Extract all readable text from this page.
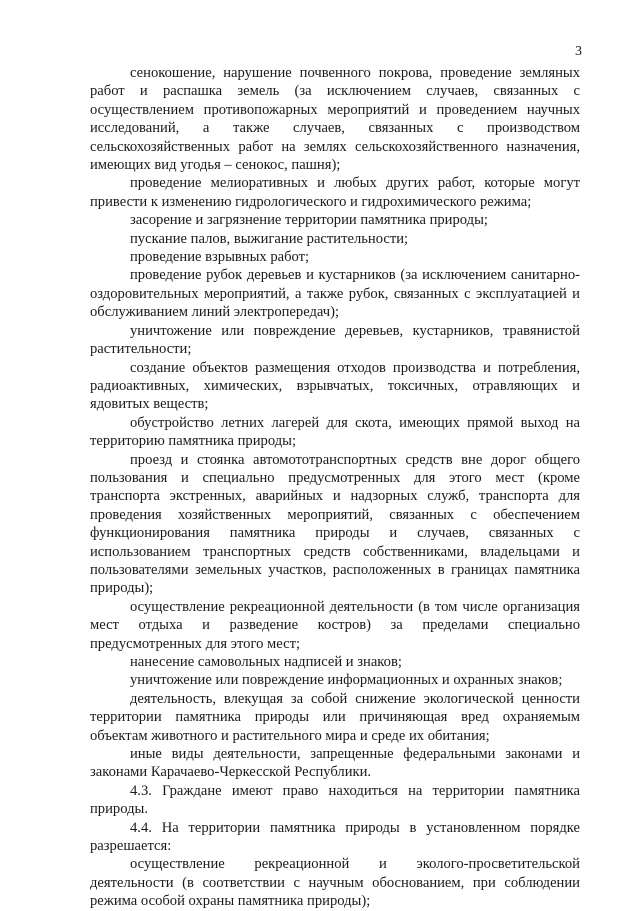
3

сенокошение, нарушение почвенного покрова, проведение земляных работ и распашка земель (за исключением случаев, связанных с осуществлением противопожарных мероприятий и проведением научных исследований, а также случаев, связанных с производством сельскохозяйственных работ на землях сельскохозяйственного назначения, имеющих вид угодья – сенокос, пашня);

проведение мелиоративных и любых других работ, которые могут привести к изменению гидрологического и гидрохимического режима;

засорение и загрязнение территории памятника природы;

пускание палов, выжигание растительности;

проведение взрывных работ;

проведение рубок деревьев и кустарников (за исключением санитарно-оздоровительных мероприятий, а также рубок, связанных с эксплуатацией и обслуживанием линий электропередач);

уничтожение или повреждение деревьев, кустарников, травянистой растительности;

создание объектов размещения отходов производства и потребления, радиоактивных, химических, взрывчатых, токсичных, отравляющих и ядовитых веществ;

обустройство летних лагерей для скота, имеющих прямой выход на территорию памятника природы;

проезд и стоянка автомототранспортных средств вне дорог общего пользования и специально предусмотренных для этого мест (кроме транспорта экстренных, аварийных и надзорных служб, транспорта для проведения хозяйственных мероприятий, связанных с обеспечением функционирования памятника природы и случаев, связанных с использованием транспортных средств собственниками, владельцами и пользователями земельных участков, расположенных в границах памятника природы);

осуществление рекреационной деятельности (в том числе организация мест отдыха и разведение костров) за пределами специально предусмотренных для этого мест;

нанесение самовольных надписей и знаков;

уничтожение или повреждение информационных и охранных знаков;

деятельность, влекущая за собой снижение экологической ценности территории памятника природы или причиняющая вред охраняемым объектам животного и растительного мира и среде их обитания;

иные виды деятельности, запрещенные федеральными законами и законами Карачаево-Черкесской Республики.

4.3. Граждане имеют право находиться на территории памятника природы.

4.4. На территории памятника природы в установленном порядке разрешается:

осуществление рекреационной и эколого-просветительской деятельности (в соответствии с научным обоснованием, при соблюдении режима особой охраны памятника природы);
